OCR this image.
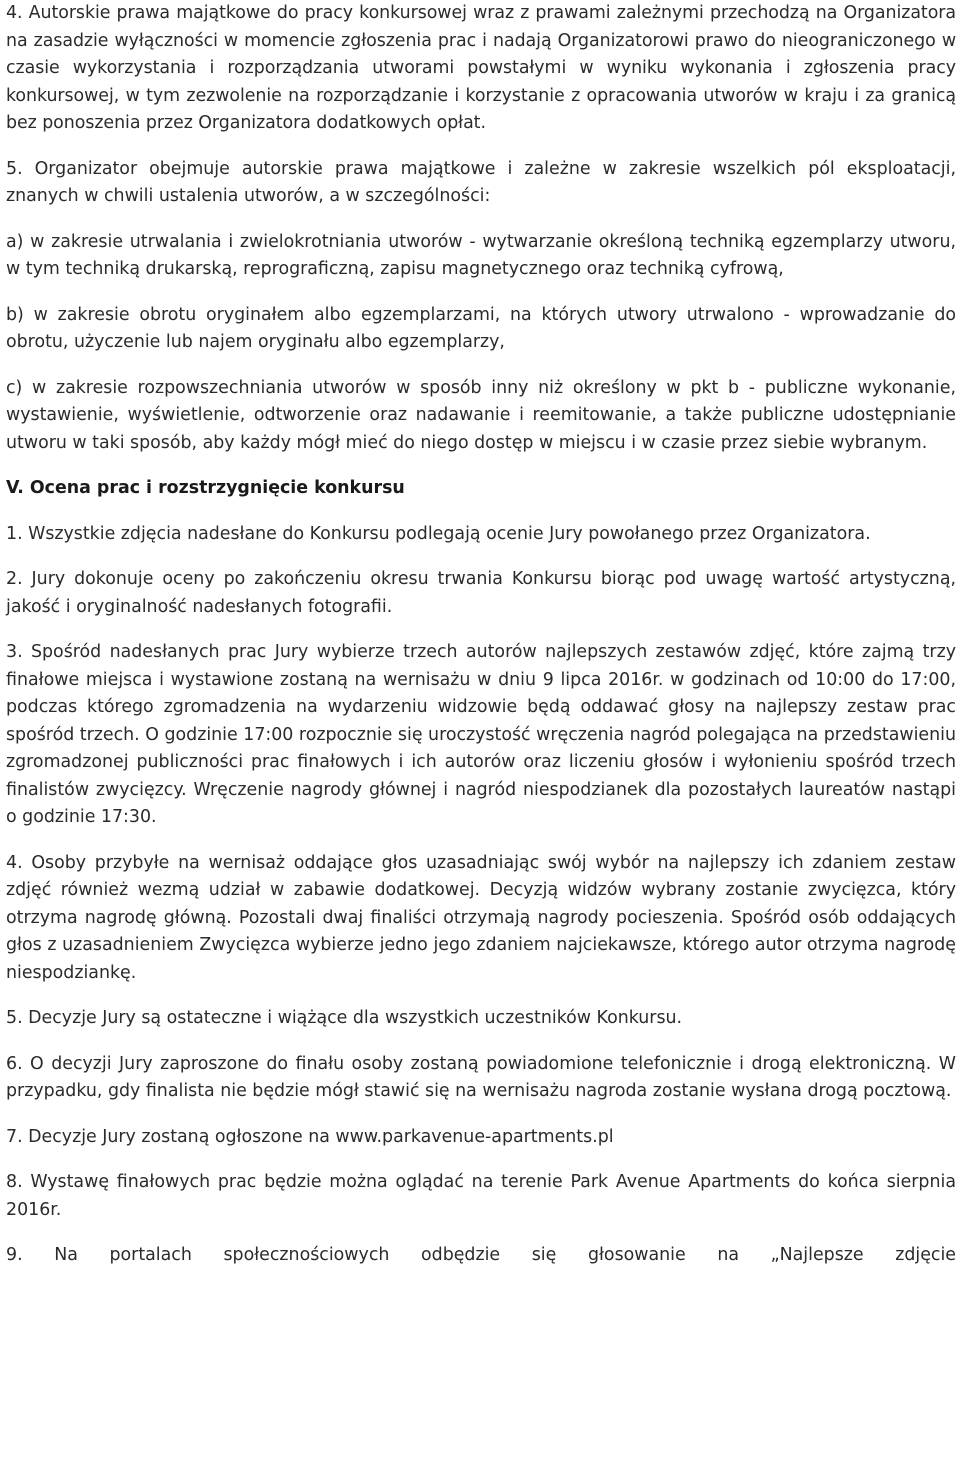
4. Autorskie prawa majątkowe do pracy konkursowej wraz z prawami zależnymi przechodzą na Organizatora na zasadzie wyłączności w momencie zgłoszenia prac i nadają Organizatorowi prawo do nieograniczonego w czasie wykorzystania i rozporządzania utworami powstałymi w wyniku wykonania i zgłoszenia pracy konkursowej, w tym zezwolenie na rozporządzanie i korzystanie z opracowania utworów w kraju i za granicą bez ponoszenia przez Organizatora dodatkowych opłat.

5. Organizator obejmuje autorskie prawa majątkowe i zależne w zakresie wszelkich pól eksploatacji, znanych w chwili ustalenia utworów, a w szczególności:

a) w zakresie utrwalania i zwielokrotniania utworów - wytwarzanie określoną techniką egzemplarzy utworu, w tym techniką drukarską, reprograficzną, zapisu magnetycznego oraz techniką cyfrową,

b) w zakresie obrotu oryginałem albo egzemplarzami, na których utwory utrwalono - wprowadzanie do obrotu, użyczenie lub najem oryginału albo egzemplarzy,

c) w zakresie rozpowszechniania utworów w sposób inny niż określony w pkt b - publiczne wykonanie, wystawienie, wyświetlenie, odtworzenie oraz nadawanie i reemitowanie, a także publiczne udostępnianie utworu w taki sposób, aby każdy mógł mieć do niego dostęp w miejscu i w czasie przez siebie wybranym.

V. Ocena prac i rozstrzygnięcie konkursu

1. Wszystkie zdjęcia nadesłane do Konkursu podlegają ocenie Jury powołanego przez Organizatora.

2. Jury dokonuje oceny po zakończeniu okresu trwania Konkursu biorąc pod uwagę wartość artystyczną, jakość i oryginalność nadesłanych fotografii.

3. Spośród nadesłanych prac Jury wybierze trzech autorów najlepszych zestawów zdjęć, które zajmą trzy finałowe miejsca i wystawione zostaną na wernisażu w dniu 9 lipca 2016r. w godzinach od 10:00 do 17:00, podczas którego zgromadzenia na wydarzeniu widzowie będą oddawać głosy na najlepszy zestaw prac spośród trzech. O godzinie 17:00 rozpocznie się uroczystość wręczenia nagród polegająca na przedstawieniu zgromadzonej publiczności prac finałowych i ich autorów oraz liczeniu głosów i wyłonieniu spośród trzech finalistów zwycięzcy. Wręczenie nagrody głównej i nagród niespodzianek dla pozostałych laureatów nastąpi o godzinie 17:30.

4. Osoby przybyłe na wernisaż oddające głos uzasadniając swój wybór na najlepszy ich zdaniem zestaw zdjęć również wezmą udział w zabawie dodatkowej. Decyzją widzów wybrany zostanie zwycięzca, który otrzyma nagrodę główną. Pozostali dwaj finaliści otrzymają nagrody pocieszenia. Spośród osób oddających głos z uzasadnieniem Zwycięzca wybierze jedno jego zdaniem najciekawsze, którego autor otrzyma nagrodę niespodziankę.

5. Decyzje Jury są ostateczne i wiążące dla wszystkich uczestników Konkursu.

6. O decyzji Jury zaproszone do finału osoby zostaną powiadomione telefonicznie i drogą elektroniczną. W przypadku, gdy finalista nie będzie mógł stawić się na wernisażu nagroda zostanie wysłana drogą pocztową.

7. Decyzje Jury zostaną ogłoszone na www.parkavenue-apartments.pl

8. Wystawę finałowych prac będzie można oglądać na terenie Park Avenue Apartments do końca sierpnia 2016r.

9. Na portalach społecznościowych odbędzie się głosowanie na „Najlepsze zdjęcie
